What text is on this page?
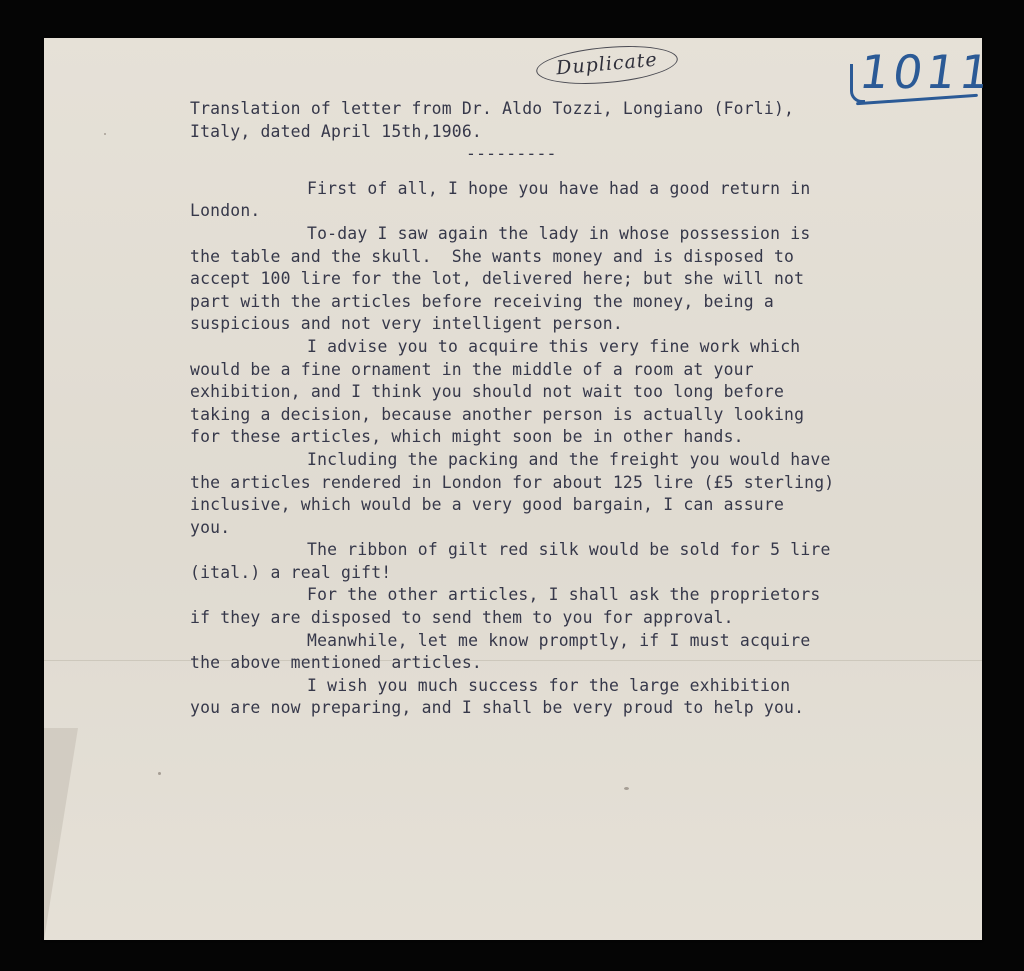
Duplicate	1011
Translation of letter from Dr. Aldo Tozzi, Longiano (Forli),
Italy, dated April 15th,1906.
---------
First of all, I hope you have had a good return in
London.
To-day I saw again the lady in whose possession is
the table and the skull.  She wants money and is disposed to
accept 100 lire for the lot, delivered here; but she will not
part with the articles before receiving the money, being a
suspicious and not very intelligent person.
I advise you to acquire this very fine work which
would be a fine ornament in the middle of a room at your
exhibition, and I think you should not wait too long before
taking a decision, because another person is actually looking
for these articles, which might soon be in other hands.
Including the packing and the freight you would have
the articles rendered in London for about 125 lire (£5 sterling)
inclusive, which would be a very good bargain, I can assure
you.
The ribbon of gilt red silk would be sold for 5 lire
(ital.) a real gift!
For the other articles, I shall ask the proprietors
if they are disposed to send them to you for approval.
Meanwhile, let me know promptly, if I must acquire
the above mentioned articles.
I wish you much success for the large exhibition
you are now preparing, and I shall be very proud to help you.
